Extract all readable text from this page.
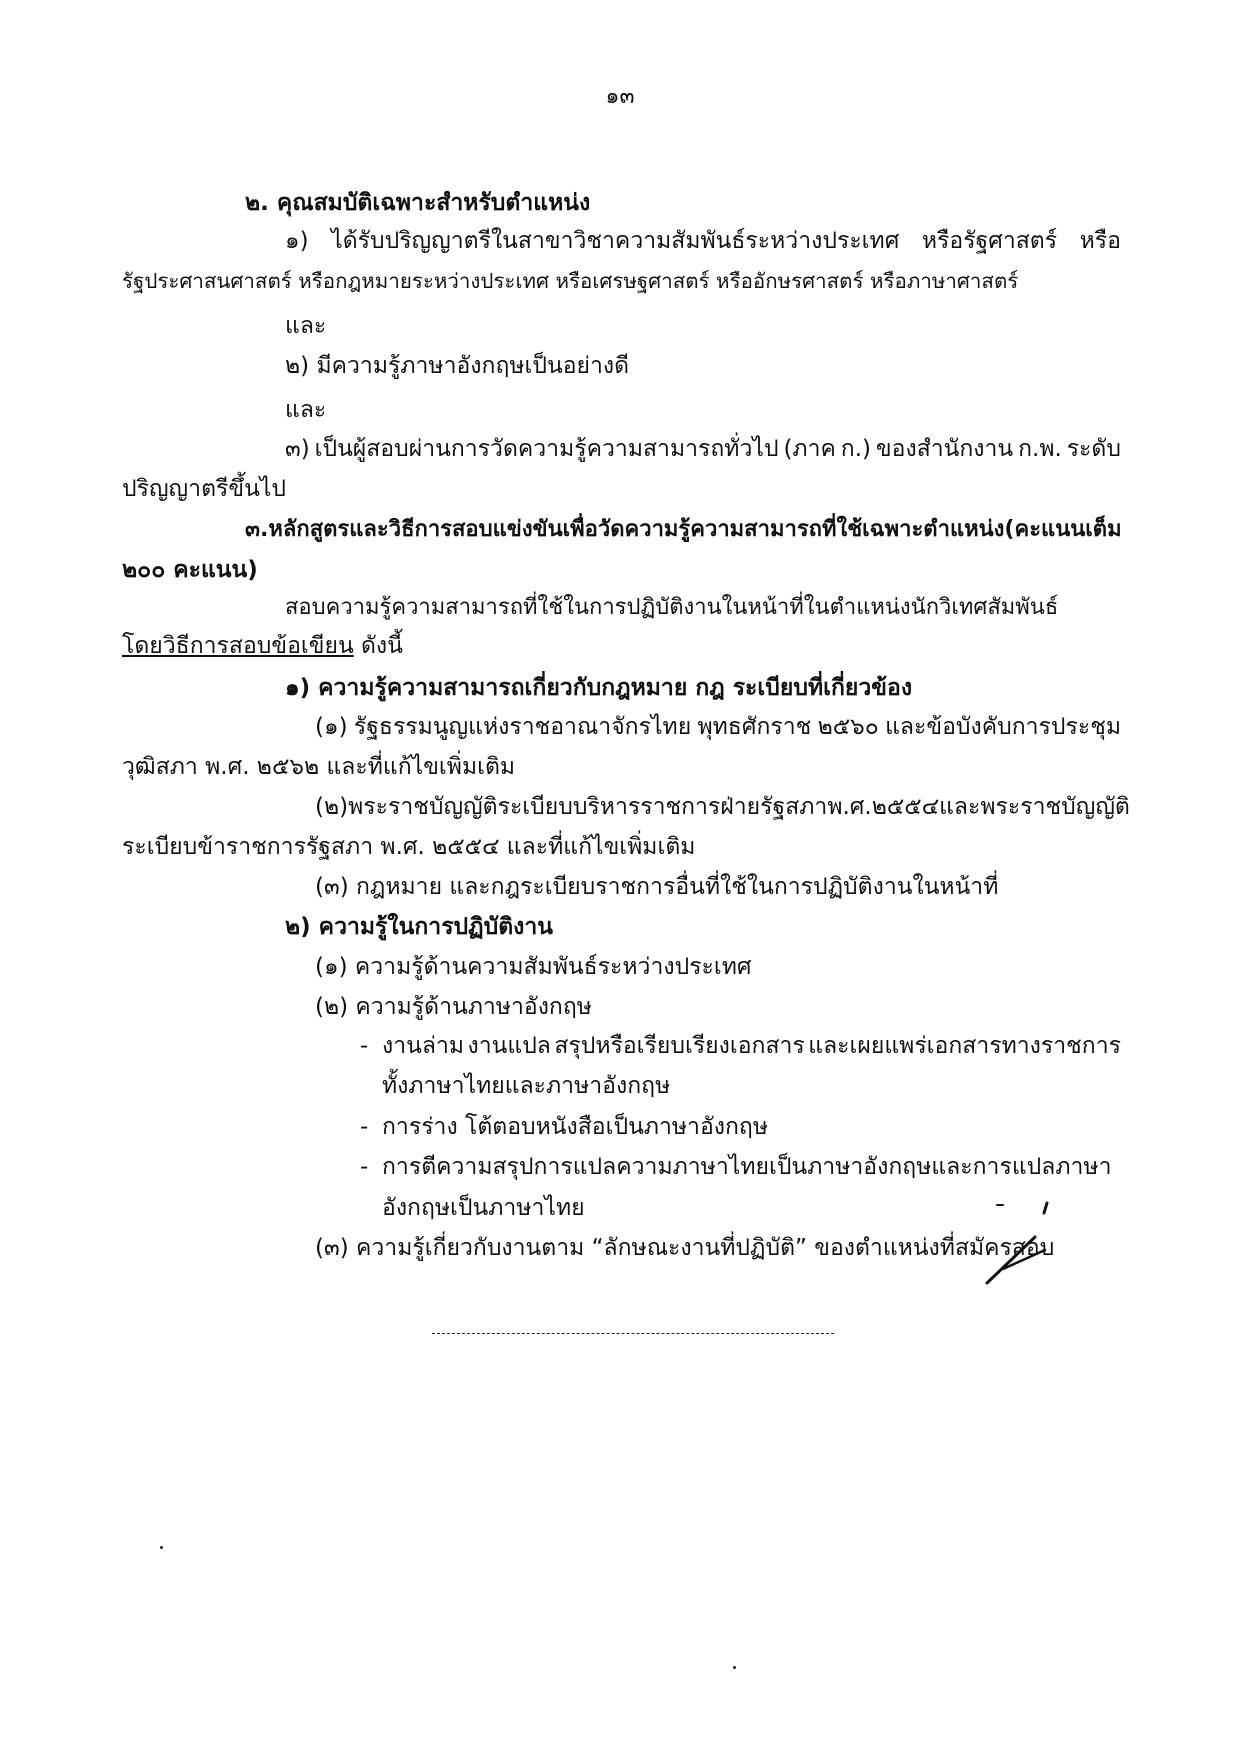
๑๓
๒. คุณสมบัติเฉพาะสำหรับตำแหน่ง
๑) ได้รับปริญญาตรีในสาขาวิชาความสัมพันธ์ระหว่างประเทศ หรือรัฐศาสตร์ หรือ
รัฐประศาสนศาสตร์ หรือกฎหมายระหว่างประเทศ หรือเศรษฐศาสตร์ หรืออักษรศาสตร์ หรือภาษาศาสตร์
และ
๒) มีความรู้ภาษาอังกฤษเป็นอย่างดี
และ
๓) เป็นผู้สอบผ่านการวัดความรู้ความสามารถทั่วไป (ภาค ก.) ของสำนักงาน ก.พ. ระดับ
ปริญญาตรีขึ้นไป
๓. หลักสูตรและวิธีการสอบแข่งขันเพื่อวัดความรู้ความสามารถที่ใช้เฉพาะตำแหน่ง (คะแนนเต็ม
๒๐๐ คะแนน)
สอบความรู้ความสามารถที่ใช้ในการปฏิบัติงานในหน้าที่ในตำแหน่งนักวิเทศสัมพันธ์
โดยวิธีการสอบข้อเขียน ดังนี้
๑) ความรู้ความสามารถเกี่ยวกับกฎหมาย กฎ ระเบียบที่เกี่ยวข้อง
(๑) รัฐธรรมนูญแห่งราชอาณาจักรไทย พุทธศักราช ๒๕๖๐ และข้อบังคับการประชุม
วุฒิสภา พ.ศ. ๒๕๖๒ และที่แก้ไขเพิ่มเติม
(๒) พระราชบัญญัติระเบียบบริหารราชการฝ่ายรัฐสภา พ.ศ. ๒๕๕๔ และพระราชบัญญัติ
ระเบียบข้าราชการรัฐสภา พ.ศ. ๒๕๕๔ และที่แก้ไขเพิ่มเติม
(๓) กฎหมาย และกฎระเบียบราชการอื่นที่ใช้ในการปฏิบัติงานในหน้าที่
๒) ความรู้ในการปฏิบัติงาน
(๑) ความรู้ด้านความสัมพันธ์ระหว่างประเทศ
(๒) ความรู้ด้านภาษาอังกฤษ
- งานล่าม งานแปล สรุปหรือเรียบเรียงเอกสาร และเผยแพร่เอกสารทางราชการ
ทั้งภาษาไทยและภาษาอังกฤษ
- การร่าง โต้ตอบหนังสือเป็นภาษาอังกฤษ
- การตีความ สรุป การแปลความภาษาไทยเป็นภาษาอังกฤษ และการแปลภาษา
อังกฤษเป็นภาษาไทย
(๓) ความรู้เกี่ยวกับงานตาม “ลักษณะงานที่ปฏิบัติ” ของตำแหน่งที่สมัครสอบ
